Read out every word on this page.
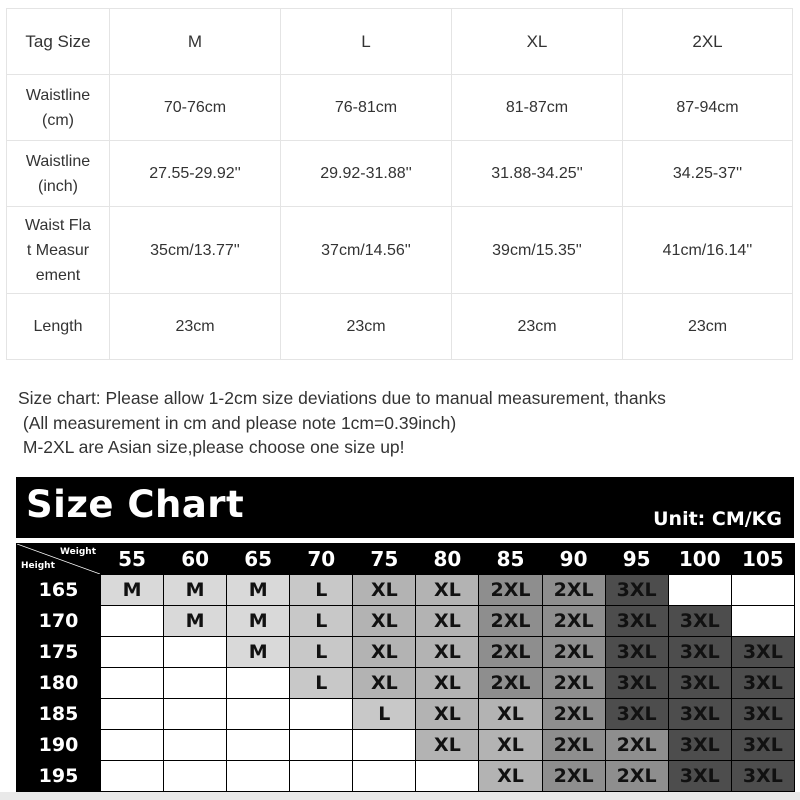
Tag Size	M	L	XL	2XL
Waistline
(cm)	70-76cm	76-81cm	81-87cm	87-94cm
Waistline
(inch)	27.55-29.92''	29.92-31.88''	31.88-34.25''	34.25-37''
Waist Fla
t Measur
ement	35cm/13.77''	37cm/14.56''	39cm/15.35''	41cm/16.14''
Length	23cm	23cm	23cm	23cm
Size chart: Please allow 1-2cm size deviations due to manual measurement, thanks
(All measurement in cm and please note 1cm=0.39inch)
M-2XL are Asian size,please choose one size up!
Size Chart	Unit: CM/KG
Weight
Height	55	60	65	70	75	80	85	90	95	100	105
165	M	M	M	L	XL	XL	2XL	2XL	3XL		
170		M	M	L	XL	XL	2XL	2XL	3XL	3XL	
175			M	L	XL	XL	2XL	2XL	3XL	3XL	3XL
180				L	XL	XL	2XL	2XL	3XL	3XL	3XL
185					L	XL	XL	2XL	3XL	3XL	3XL
190						XL	XL	2XL	2XL	3XL	3XL
195							XL	2XL	2XL	3XL	3XL
